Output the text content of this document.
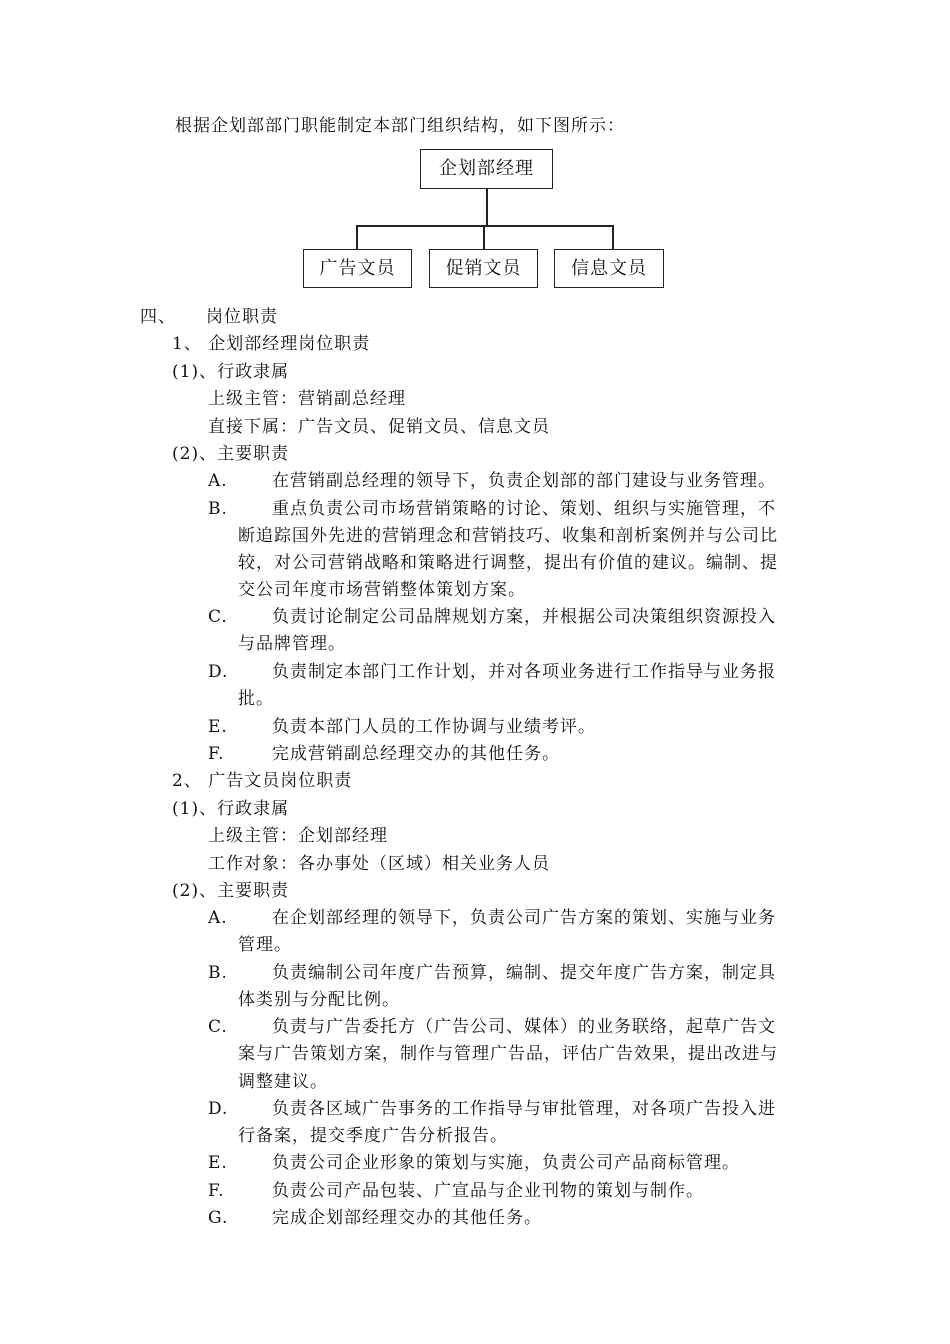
根据企划部部门职能制定本部门组织结构，如下图所示：
企划部经理
广告文员	促销文员	信息文员
四、 岗位职责
1、 企划部经理岗位职责
(1)、行政隶属
上级主管：营销副总经理
直接下属：广告文员、促销文员、信息文员
(2)、主要职责
A.	在营销副总经理的领导下，负责企划部的部门建设与业务管理。
B.	重点负责公司市场营销策略的讨论、策划、组织与实施管理，不
断追踪国外先进的营销理念和营销技巧、收集和剖析案例并与公司比
较，对公司营销战略和策略进行调整，提出有价值的建议。编制、提
交公司年度市场营销整体策划方案。
C.	负责讨论制定公司品牌规划方案，并根据公司决策组织资源投入
与品牌管理。
D.	负责制定本部门工作计划，并对各项业务进行工作指导与业务报
批。
E.	负责本部门人员的工作协调与业绩考评。
F.	完成营销副总经理交办的其他任务。
2、 广告文员岗位职责
(1)、行政隶属
上级主管：企划部经理
工作对象：各办事处（区域）相关业务人员
(2)、主要职责
A.	在企划部经理的领导下，负责公司广告方案的策划、实施与业务
管理。
B.	负责编制公司年度广告预算，编制、提交年度广告方案，制定具
体类别与分配比例。
C.	负责与广告委托方（广告公司、媒体）的业务联络，起草广告文
案与广告策划方案，制作与管理广告品，评估广告效果，提出改进与
调整建议。
D.	负责各区域广告事务的工作指导与审批管理，对各项广告投入进
行备案，提交季度广告分析报告。
E.	负责公司企业形象的策划与实施，负责公司产品商标管理。
F.	负责公司产品包装、广宣品与企业刊物的策划与制作。
G.	完成企划部经理交办的其他任务。
